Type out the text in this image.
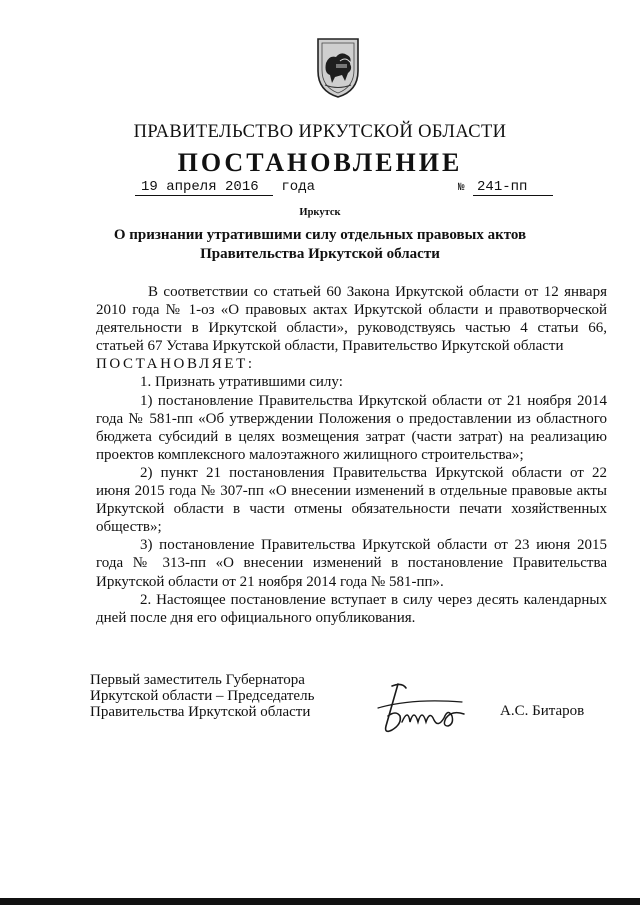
ПРАВИТЕЛЬСТВО ИРКУТСКОЙ ОБЛАСТИ
ПОСТАНОВЛЕНИЕ
19 апреля 2016 года	№ 241-пп
Иркутск
О признании утратившими силу отдельных правовых актов
Правительства Иркутской области

В соответствии со статьей 60 Закона Иркутской области от 12 января 2010 года № 1-оз «О правовых актах Иркутской области и правотворческой деятельности в Иркутской области», руководствуясь частью 4 статьи 66, статьей 67 Устава Иркутской области, Правительство Иркутской области

ПОСТАНОВЛЯЕТ:

1. Признать утратившими силу:

1) постановление Правительства Иркутской области от 21 ноября 2014 года № 581-пп «Об утверждении Положения о предоставлении из областного бюджета субсидий в целях возмещения затрат (части затрат) на реализацию проектов комплексного малоэтажного жилищного строительства»;

2) пункт 21 постановления Правительства Иркутской области от 22 июня 2015 года № 307-пп «О внесении изменений в отдельные правовые акты Иркутской области в части отмены обязательности печати хозяйственных обществ»;

3) постановление Правительства Иркутской области от 23 июня 2015 года № 313-пп «О внесении изменений в постановление Правительства Иркутской области от 21 ноября 2014 года № 581-пп».

2. Настоящее постановление вступает в силу через десять календарных дней после дня его официального опубликования.

Первый заместитель Губернатора
Иркутской области – Председатель
Правительства Иркутской области	А.С. Битаров
